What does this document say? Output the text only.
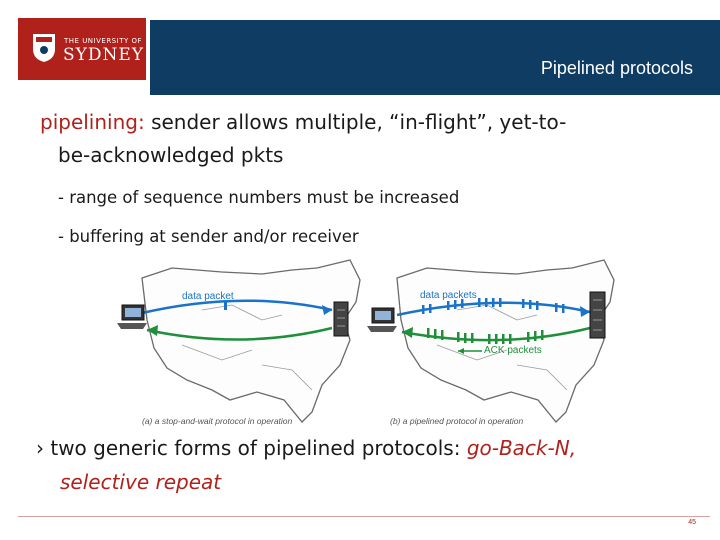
THE UNIVERSITY OF
SYDNEY
Pipelined protocols
pipelining: sender allows multiple, “in-flight”, yet-to-
be-acknowledged pkts
- range of sequence numbers must be increased
- buffering at sender and/or receiver
data packet	data packets
ACK packets
(a) a stop-and-wait protocol in operation	(b) a pipelined protocol in operation
› two generic forms of pipelined protocols: go-Back-N,
selective repeat
45
